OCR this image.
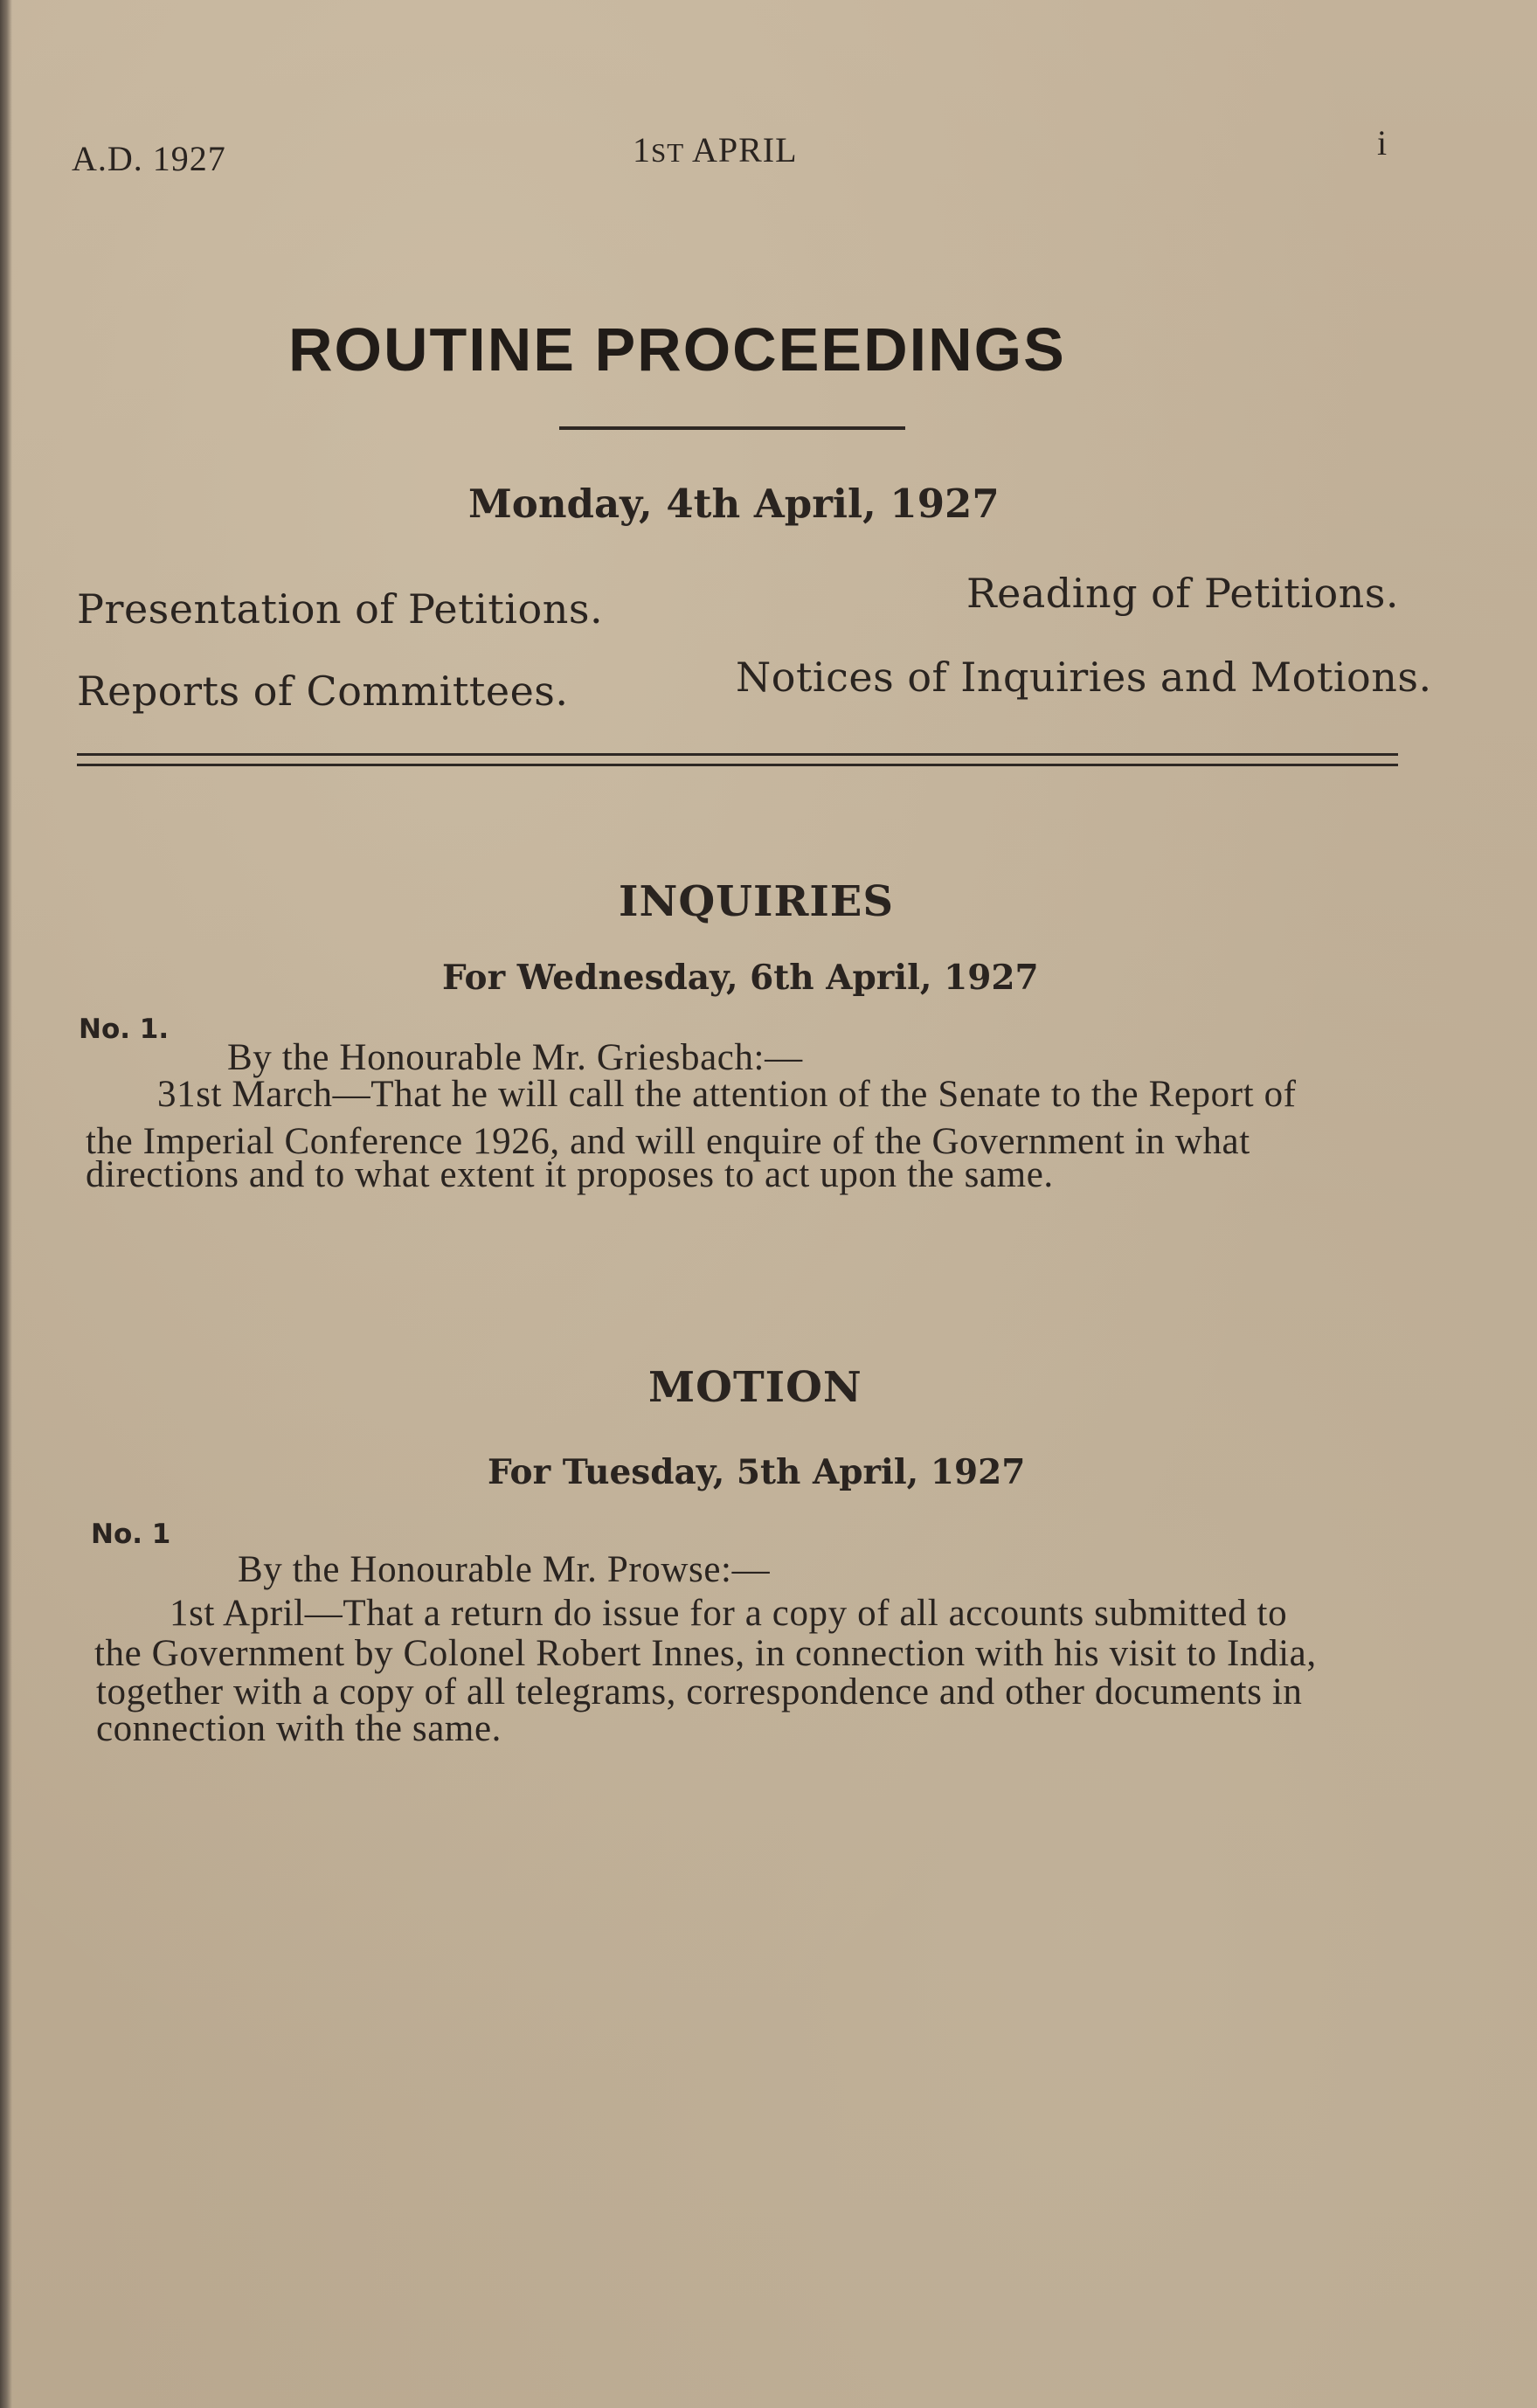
A.D. 1927	1ST APRIL	i
ROUTINE PROCEEDINGS
Monday, 4th April, 1927
Presentation of Petitions.	Reading of Petitions.
Reports of Committees.	Notices of Inquiries and Motions.
INQUIRIES
For Wednesday, 6th April, 1927
No. 1.
By the Honourable Mr. Griesbach:—
31st March—That he will call the attention of the Senate to the Report of
the Imperial Conference 1926, and will enquire of the Government in what
directions and to what extent it proposes to act upon the same.
MOTION
For Tuesday, 5th April, 1927
No. 1
By the Honourable Mr. Prowse:—
1st April—That a return do issue for a copy of all accounts submitted to
the Government by Colonel Robert Innes, in connection with his visit to India,
together with a copy of all telegrams, correspondence and other documents in
connection with the same.
